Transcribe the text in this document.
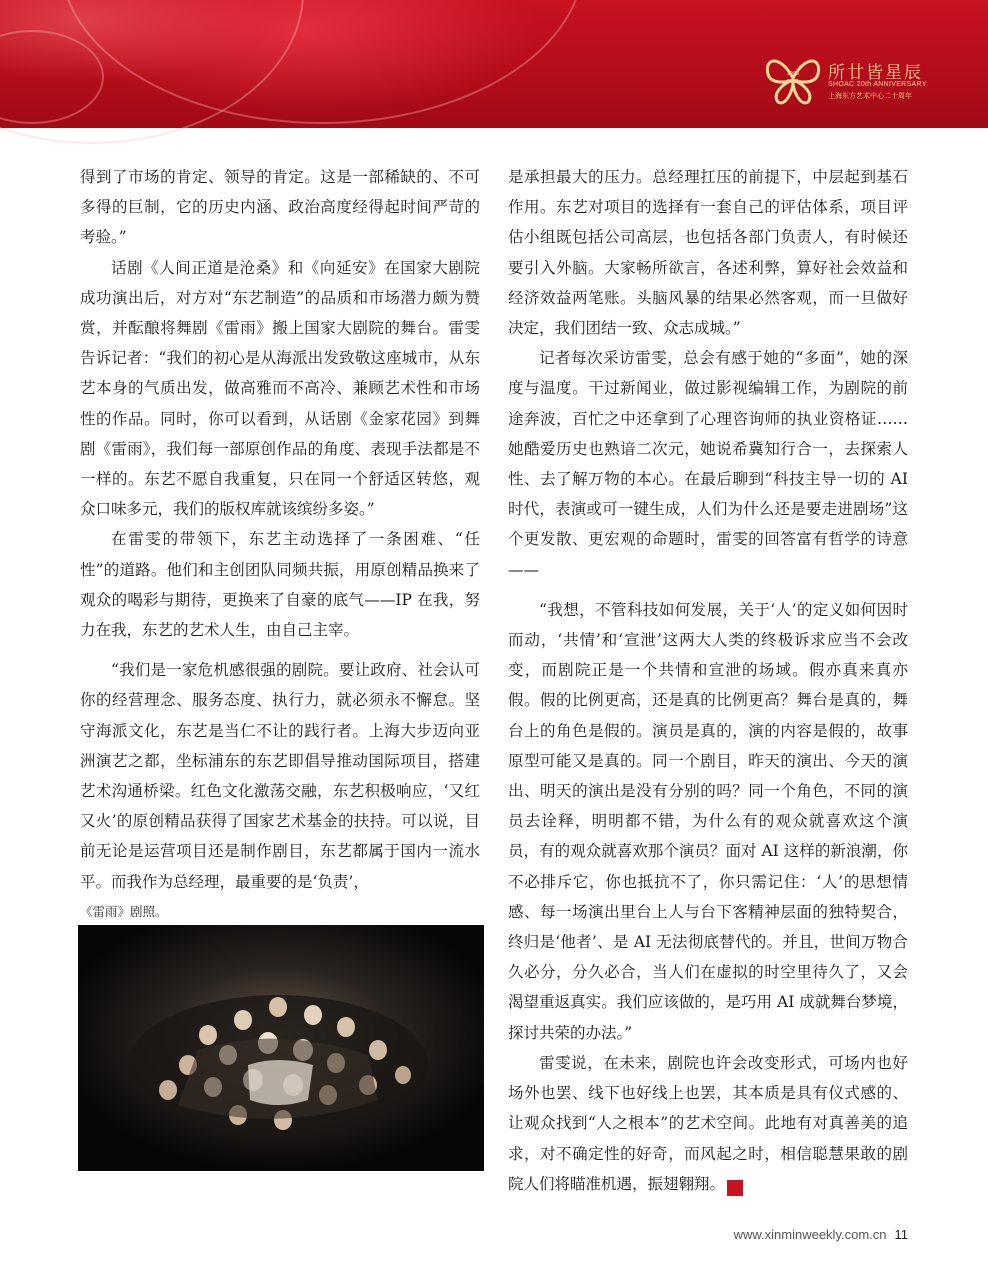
2005
2025 所廿皆星辰
SHOAC 20th ANNIVERSARY
上海东方艺术中心二十周年

得到了市场的肯定、领导的肯定。这是一部稀缺的、不可多得的巨制，它的历史内涵、政治高度经得起时间严苛的考验。”

话剧《人间正道是沧桑》和《向延安》在国家大剧院成功演出后，对方对“东艺制造”的品质和市场潜力颇为赞赏，并酝酿将舞剧《雷雨》搬上国家大剧院的舞台。雷雯告诉记者：“我们的初心是从海派出发致敬这座城市，从东艺本身的气质出发，做高雅而不高冷、兼顾艺术性和市场性的作品。同时，你可以看到，从话剧《金家花园》到舞剧《雷雨》，我们每一部原创作品的角度、表现手法都是不一样的。东艺不愿自我重复，只在同一个舒适区转悠，观众口味多元，我们的版权库就该缤纷多姿。”

在雷雯的带领下，东艺主动选择了一条困难、“任性”的道路。他们和主创团队同频共振，用原创精品换来了观众的喝彩与期待，更换来了自豪的底气——IP 在我，努力在我，东艺的艺术人生，由自己主宰。

“我们是一家危机感很强的剧院。要让政府、社会认可你的经营理念、服务态度、执行力，就必须永不懈怠。坚守海派文化，东艺是当仁不让的践行者。上海大步迈向亚洲演艺之都，坐标浦东的东艺即倡导推动国际项目，搭建艺术沟通桥梁。红色文化激荡交融，东艺积极响应，‘又红又火’的原创精品获得了国家艺术基金的扶持。可以说，目前无论是运营项目还是制作剧目，东艺都属于国内一流水平。而我作为总经理，最重要的是‘负责’，

《雷雨》剧照。

是承担最大的压力。总经理扛压的前提下，中层起到基石作用。东艺对项目的选择有一套自己的评估体系，项目评估小组既包括公司高层，也包括各部门负责人，有时候还要引入外脑。大家畅所欲言，各述利弊，算好社会效益和经济效益两笔账。头脑风暴的结果必然客观，而一旦做好决定，我们团结一致、众志成城。”

记者每次采访雷雯，总会有感于她的“多面”，她的深度与温度。干过新闻业，做过影视编辑工作，为剧院的前途奔波，百忙之中还拿到了心理咨询师的执业资格证……她酷爱历史也熟谙二次元，她说希冀知行合一，去探索人性、去了解万物的本心。在最后聊到“科技主导一切的 AI 时代，表演或可一键生成，人们为什么还是要走进剧场”这个更发散、更宏观的命题时，雷雯的回答富有哲学的诗意——

“我想，不管科技如何发展，关于‘人’的定义如何因时而动，‘共情’和‘宣泄’这两大人类的终极诉求应当不会改变，而剧院正是一个共情和宣泄的场域。假亦真来真亦假。假的比例更高，还是真的比例更高？舞台是真的，舞台上的角色是假的。演员是真的，演的内容是假的，故事原型可能又是真的。同一个剧目，昨天的演出、今天的演出、明天的演出是没有分别的吗？同一个角色，不同的演员去诠释，明明都不错，为什么有的观众就喜欢这个演员，有的观众就喜欢那个演员？面对 AI 这样的新浪潮，你不必排斥它，你也抵抗不了，你只需记住：‘人’的思想情感、每一场演出里台上人与台下客精神层面的独特契合，终归是‘他者’、是 AI 无法彻底替代的。并且，世间万物合久必分，分久必合，当人们在虚拟的时空里待久了，又会渴望重返真实。我们应该做的，是巧用 AI 成就舞台梦境，探讨共荣的办法。”

雷雯说，在未来，剧院也许会改变形式，可场内也好场外也罢、线下也好线上也罢，其本质是具有仪式感的、让观众找到“人之根本”的艺术空间。此地有对真善美的追求，对不确定性的好奇，而风起之时，相信聪慧果敢的剧院人们将瞄准机遇，振翅翱翔。	民

www.xinminweekly.com.cn 11
